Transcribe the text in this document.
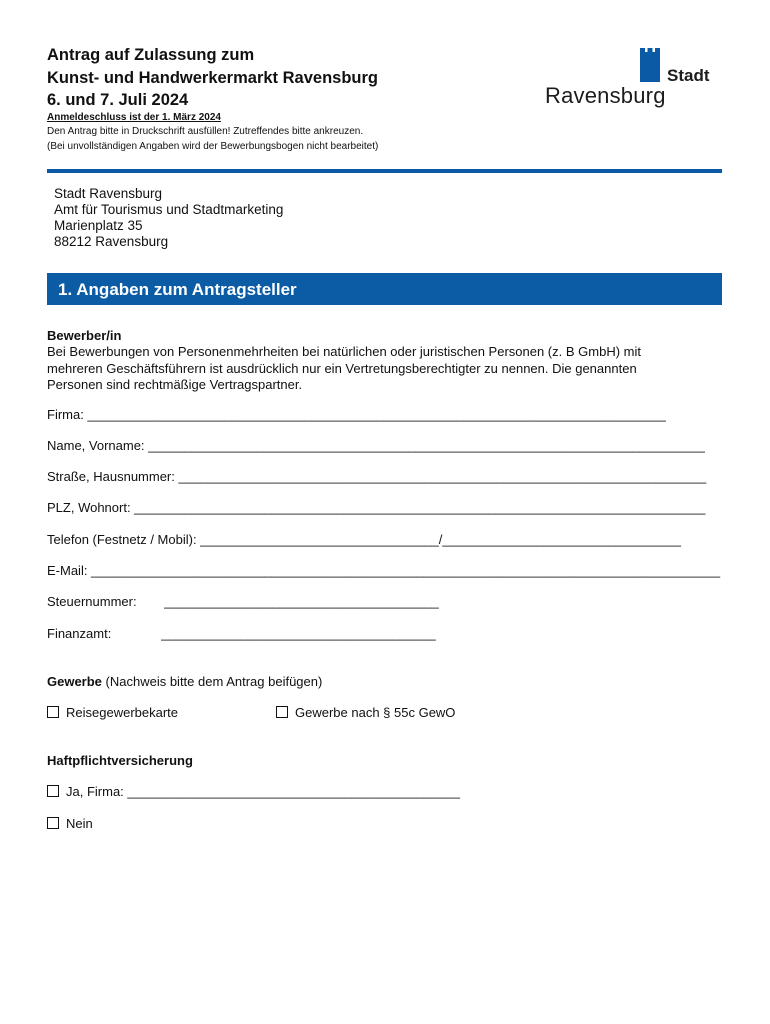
Antrag auf Zulassung zum
Kunst- und Handwerkermarkt Ravensburg
6. und 7. Juli 2024
Anmeldeschluss ist der 1. März 2024
Den Antrag bitte in Druckschrift ausfüllen! Zutreffendes bitte ankreuzen.
(Bei unvollständigen Angaben wird der Bewerbungsbogen nicht bearbeitet)
Stadt
Ravensburg
Stadt Ravensburg
Amt für Tourismus und Stadtmarketing
Marienplatz 35
88212 Ravensburg
1. Angaben zum Antragsteller
Bewerber/in
Bei Bewerbungen von Personenmehrheiten bei natürlichen oder juristischen Personen (z. B GmbH) mit
mehreren Geschäftsführern ist ausdrücklich nur ein Vertretungsberechtigter zu nennen. Die genannten
Personen sind rechtmäßige Vertragspartner.
Firma: ________________________________________________________________________________
Name, Vorname: _____________________________________________________________________________
Straße, Hausnummer: _________________________________________________________________________
PLZ, Wohnort: _______________________________________________________________________________
Telefon (Festnetz / Mobil): _________________________________/_________________________________
E-Mail: _______________________________________________________________________________________
Steuernummer: ______________________________________
Finanzamt:	______________________________________
Gewerbe (Nachweis bitte dem Antrag beifügen)
Reisegewerbekarte	Gewerbe nach § 55c GewO
Haftpflichtversicherung
Ja, Firma: ______________________________________________
Nein
